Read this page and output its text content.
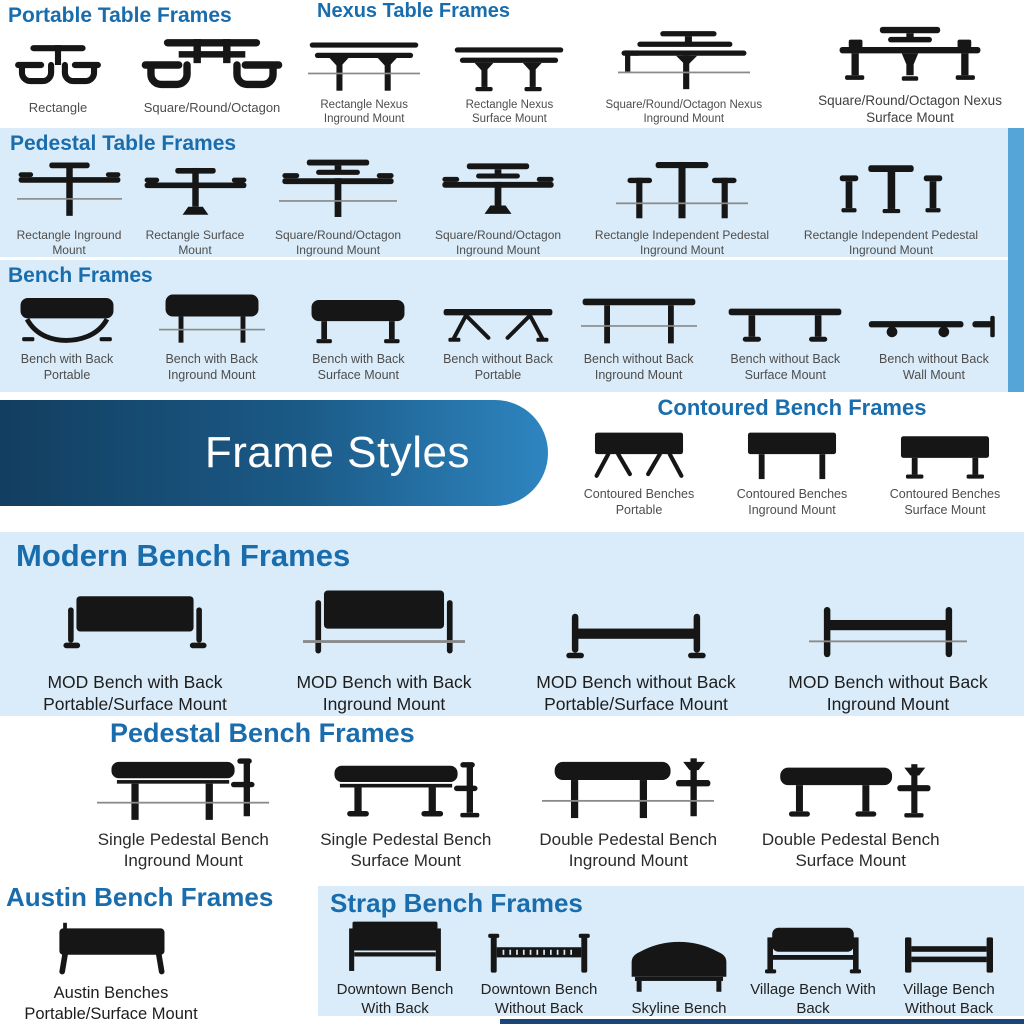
Portable Table Frames
Rectangle	Square/Round/Octagon
Nexus Table Frames
Rectangle Nexus Inground Mount
Rectangle Nexus Surface Mount
Square/Round/Octagon Nexus Inground Mount
Square/Round/Octagon Nexus Surface Mount
Pedestal Table Frames
Rectangle Inground Mount
Rectangle Surface Mount
Square/Round/Octagon Inground Mount
Square/Round/Octagon Inground Mount
Rectangle Independent Pedestal Inground Mount
Rectangle Independent Pedestal Inground Mount
Bench Frames
Bench with Back Portable
Bench with Back Inground Mount
Bench with Back Surface Mount
Bench without Back Portable
Bench without Back Inground Mount
Bench without Back Surface Mount
Bench without Back Wall Mount
Frame Styles
Contoured Bench Frames
Contoured Benches Portable
Contoured Benches Inground Mount
Contoured Benches Surface Mount
Modern Bench Frames
MOD Bench with Back Portable/Surface Mount
MOD Bench with Back Inground Mount
MOD Bench without Back Portable/Surface Mount
MOD Bench without Back Inground Mount
Pedestal Bench Frames
Single Pedestal Bench Inground Mount
Single Pedestal Bench Surface Mount
Double Pedestal Bench Inground Mount
Double Pedestal Bench Surface Mount
Austin Bench Frames
Austin Benches Portable/Surface Mount
Strap Bench Frames
Downtown Bench With Back
Downtown Bench Without Back	Skyline Bench
Village Bench With Back
Village Bench Without Back
